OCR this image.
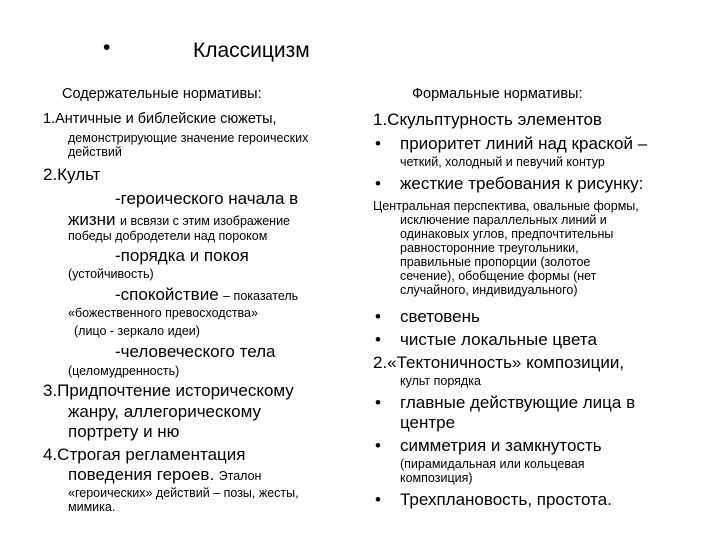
•	Классицизм
Содержательные нормативы:
1.Античные и библейские сюжеты,
демонстрирующие значение героических
действий
2.Культ
-героического начала в
жизни и всвязи с этим изображение
победы добродетели над пороком
-порядка и покоя
(устойчивость)
-спокойствие – показатель
«божественного превосходства»
(лицо - зеркало идеи)
-человеческого тела
(целомудренность)
3.Придпочтение историческому
жанру, аллегорическому
портрету и ню
4.Строгая регламентация
поведения героев. Эталон
«героических» действий – позы, жесты,
мимика.
Формальные нормативы:
1.Скульптурность элементов
• приоритет линий над краской –
четкий, холодный и певучий контур
• жесткие требования к рисунку:
Центральная перспектива, овальные формы,
исключение параллельных линий и
одинаковых углов, предпочтительны
равносторонние треугольники,
правильные пропорции (золотое
сечение), обобщение формы (нет
случайного, индивидуального)
• световень
• чистые локальные цвета
2.«Тектоничность» композиции,
культ порядка
• главные действующие лица в
центре
• симметрия и замкнутость
(пирамидальная или кольцевая
композиция)
• Трехплановость, простота.
